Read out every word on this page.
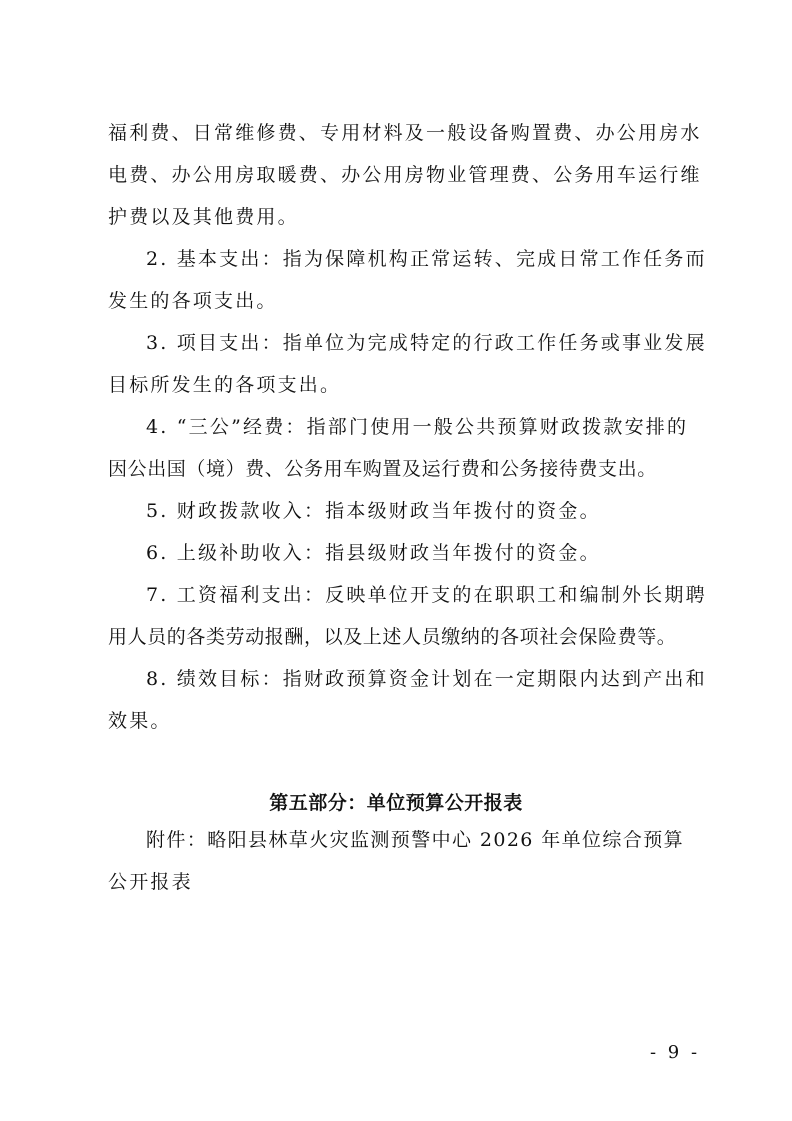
福利费、日常维修费、专用材料及一般设备购置费、办公用房水
电费、办公用房取暖费、办公用房物业管理费、公务用车运行维
护费以及其他费用。
2. 基本支出：指为保障机构正常运转、完成日常工作任务而
发生的各项支出。
3. 项目支出：指单位为完成特定的行政工作任务或事业发展
目标所发生的各项支出。
4. “三公”经费：指部门使用一般公共预算财政拨款安排的
因公出国（境）费、公务用车购置及运行费和公务接待费支出。
5. 财政拨款收入：指本级财政当年拨付的资金。
6. 上级补助收入：指县级财政当年拨付的资金。
7. 工资福利支出：反映单位开支的在职职工和编制外长期聘
用人员的各类劳动报酬，以及上述人员缴纳的各项社会保险费等。
8. 绩效目标：指财政预算资金计划在一定期限内达到产出和
效果。
第五部分：单位预算公开报表
附件：略阳县林草火灾监测预警中心 2026 年单位综合预算
公开报表
- 9 -
